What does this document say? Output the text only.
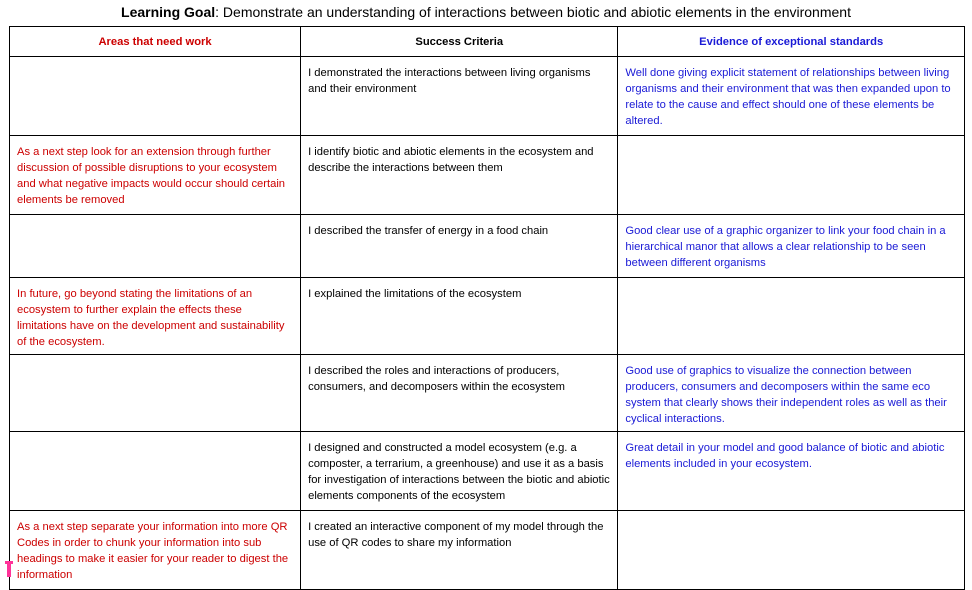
Learning Goal: Demonstrate an understanding of interactions between biotic and abiotic elements in the environment
Areas that need work	Success Criteria	Evidence of exceptional standards
	I demonstrated the interactions between living organisms and their environment	Well done giving explicit statement of relationships between living organisms and their environment that was then expanded upon to relate to the cause and effect should one of these elements be altered.
As a next step look for an extension through further discussion of possible disruptions to your ecosystem and what negative impacts would occur should certain elements be removed	I identify biotic and abiotic elements in the ecosystem and describe the interactions between them	
	I described the transfer of energy in a food chain	Good clear use of a graphic organizer to link your food chain in a hierarchical manor that allows a clear relationship to be seen between different organisms
In future, go beyond stating the limitations of an ecosystem to further explain the effects these limitations have on the development and sustainability of the ecosystem.	I explained the limitations of the ecosystem	
	I described the roles and interactions of producers, consumers, and decomposers within the ecosystem	Good use of graphics to visualize the connection between producers, consumers and decomposers within the same eco system that clearly shows their independent roles as well as their cyclical interactions.
	I designed and constructed a model ecosystem (e.g. a composter, a terrarium, a greenhouse) and use it as a basis for investigation of interactions between the biotic and abiotic elements components of the ecosystem	Great detail in your model and good balance of biotic and abiotic elements included in your ecosystem.
As a next step separate your information into more QR Codes in order to chunk your information into sub headings to make it easier for your reader to digest the information	I created an interactive component of my model through the use of QR codes to share my information	
